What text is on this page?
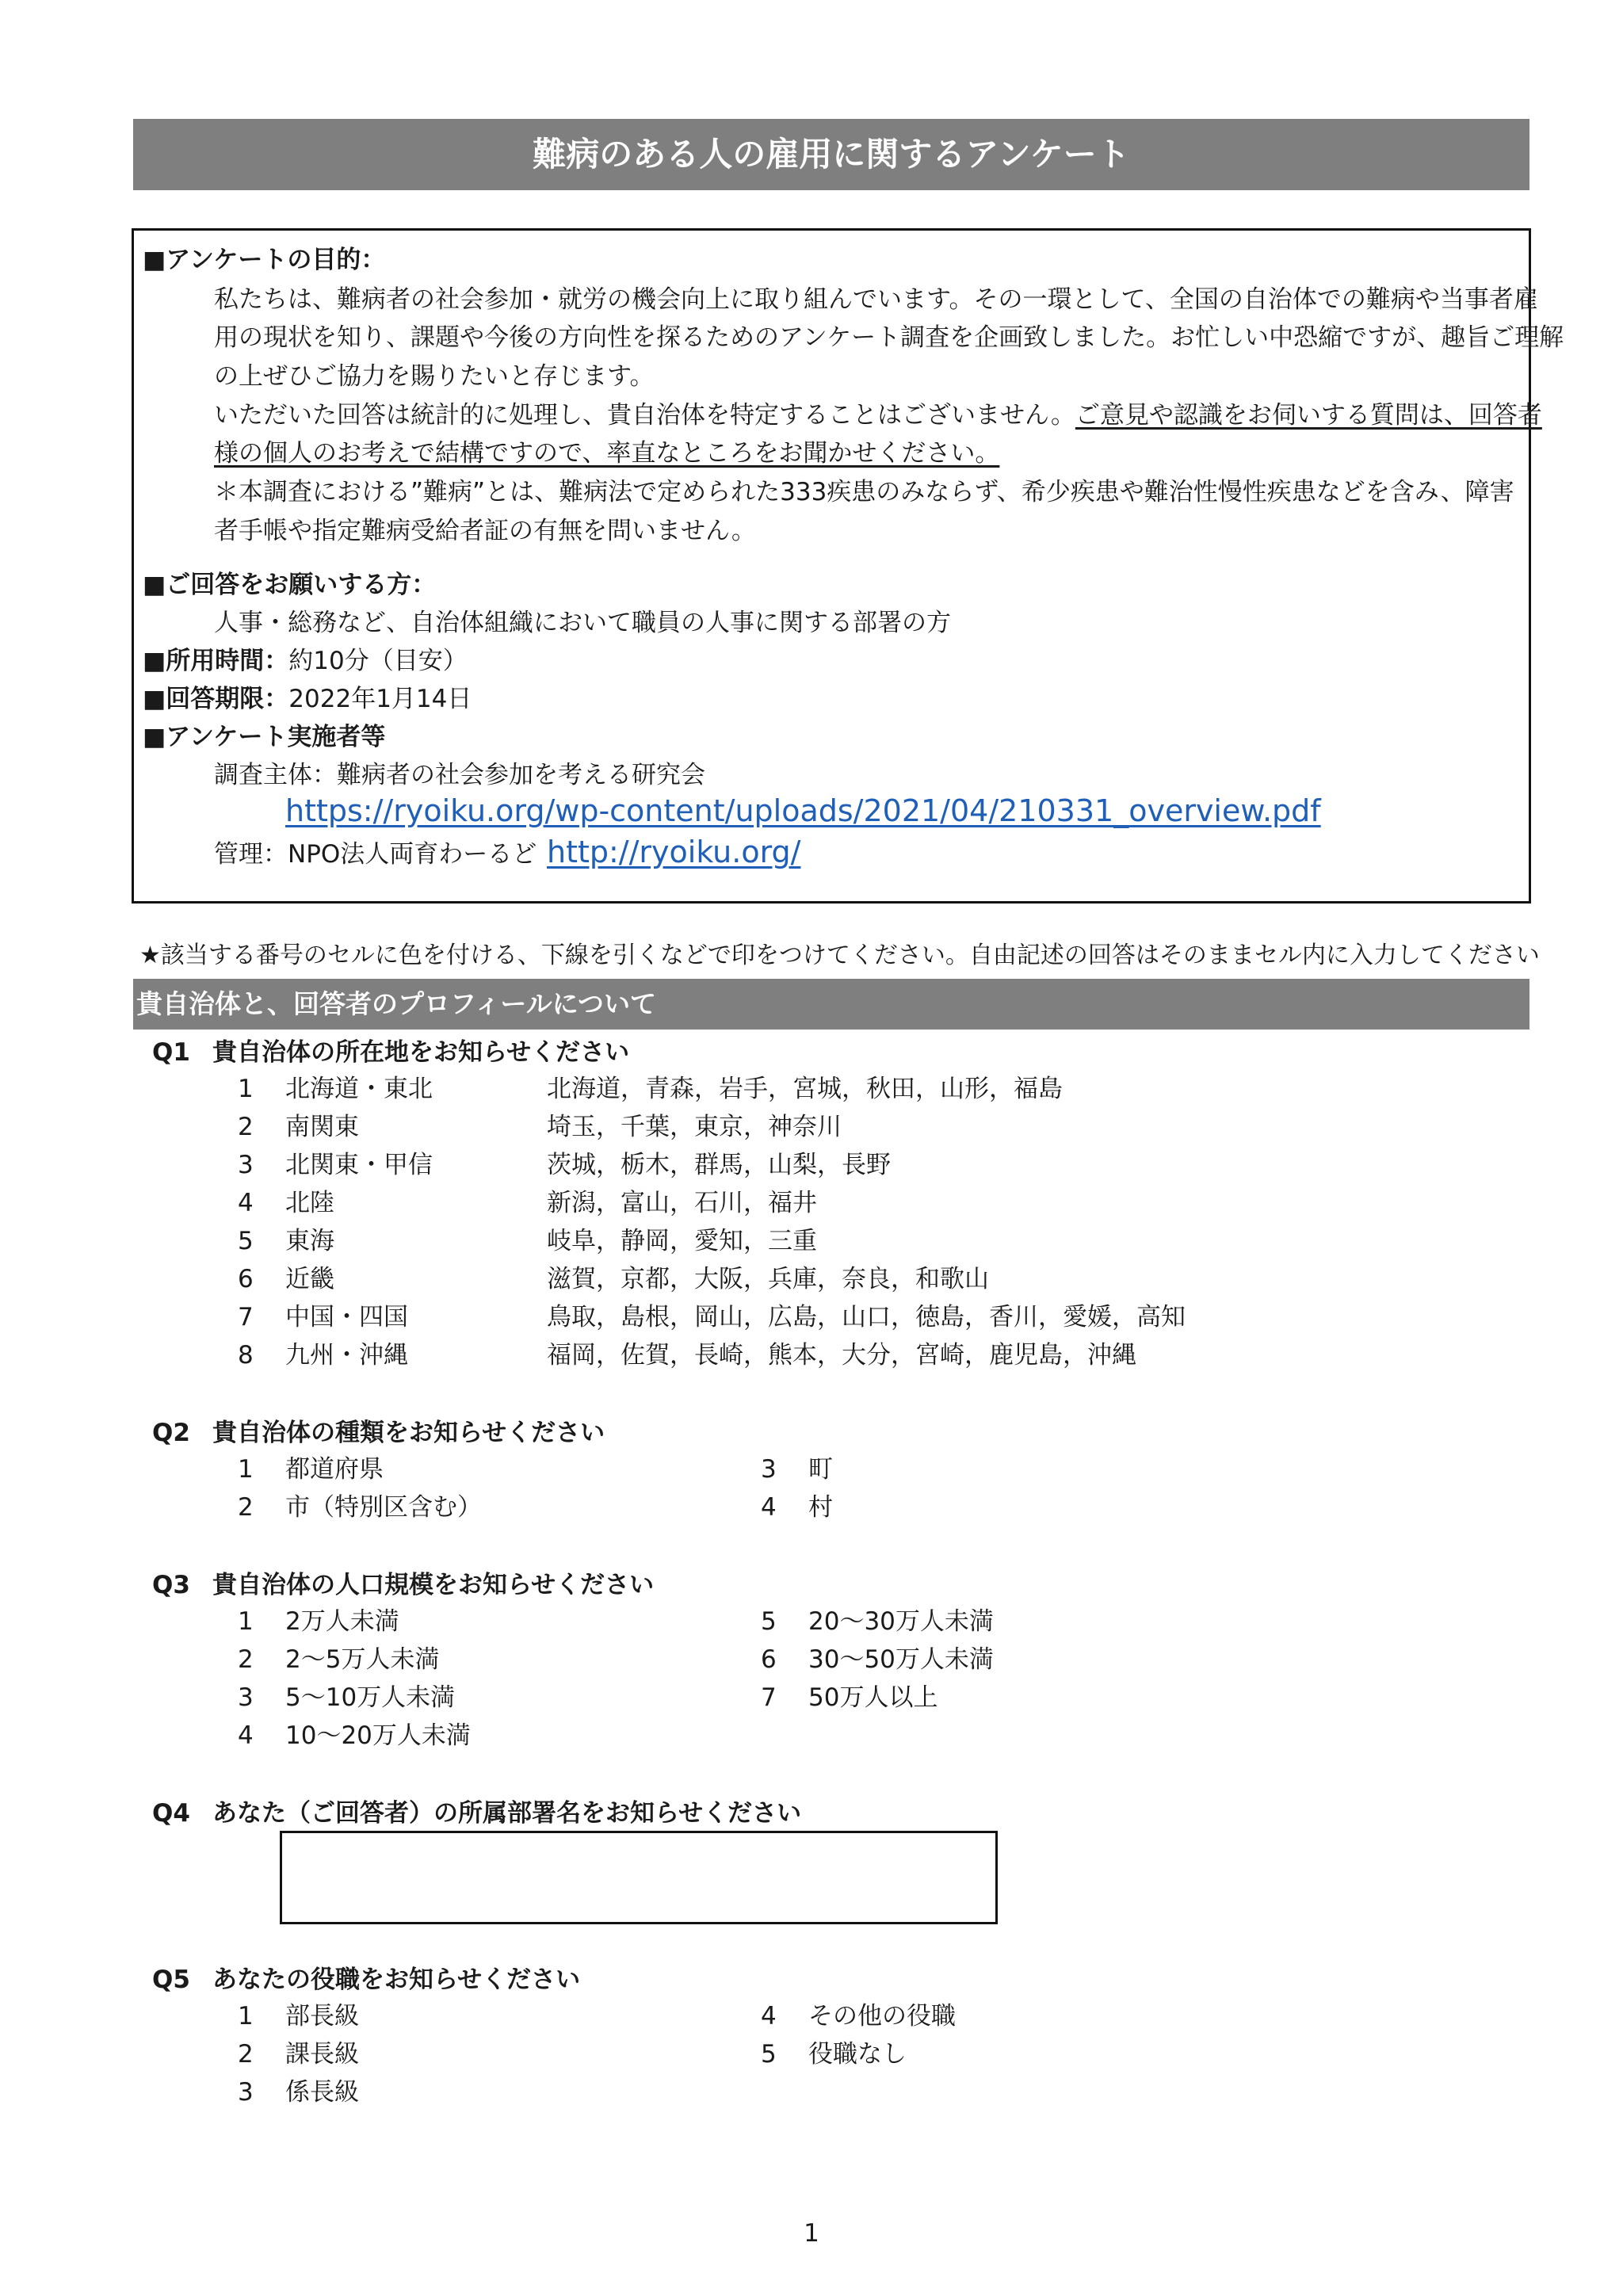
難病のある人の雇用に関するアンケート
■アンケートの目的：
私たちは、難病者の社会参加・就労の機会向上に取り組んでいます。その一環として、全国の自治体での難病や当事者雇
用の現状を知り、課題や今後の方向性を探るためのアンケート調査を企画致しました。お忙しい中恐縮ですが、趣旨ご理解
の上ぜひご協力を賜りたいと存じます。
いただいた回答は統計的に処理し、貴自治体を特定することはございません。ご意見や認識をお伺いする質問は、回答者
様の個人のお考えで結構ですので、率直なところをお聞かせください。
＊本調査における”難病”とは、難病法で定められた333疾患のみならず、希少疾患や難治性慢性疾患などを含み、障害
者手帳や指定難病受給者証の有無を問いません。
■ご回答をお願いする方：
人事・総務など、自治体組織において職員の人事に関する部署の方
■所用時間：約10分（目安）
■回答期限：2022年1月14日
■アンケート実施者等
調査主体：難病者の社会参加を考える研究会
https://ryoiku.org/wp-content/uploads/2021/04/210331_overview.pdf
管理：NPO法人両育わーるど http://ryoiku.org/
★該当する番号のセルに色を付ける、下線を引くなどで印をつけてください。自由記述の回答はそのままセル内に入力してください
貴自治体と、回答者のプロフィールについて
Q1 貴自治体の所在地をお知らせください
1 北海道・東北	北海道，青森，岩手，宮城，秋田，山形，福島
2 南関東	埼玉，千葉，東京，神奈川
3 北関東・甲信	茨城，栃木，群馬，山梨，長野
4 北陸	新潟，富山，石川，福井
5 東海	岐阜，静岡，愛知，三重
6 近畿	滋賀，京都，大阪，兵庫，奈良，和歌山
7 中国・四国	鳥取，島根，岡山，広島，山口，徳島，香川，愛媛，高知
8 九州・沖縄	福岡，佐賀，長崎，熊本，大分，宮崎，鹿児島，沖縄
Q2 貴自治体の種類をお知らせください
1 都道府県
2 市（特別区含む）
3 町
4 村
Q3 貴自治体の人口規模をお知らせください
1 2万人未満
2 2～5万人未満
3 5～10万人未満
4 10～20万人未満
5 20～30万人未満
6 30～50万人未満
7 50万人以上
Q4 あなた（ご回答者）の所属部署名をお知らせください
Q5 あなたの役職をお知らせください
1 部長級
2 課長級
3 係長級
4 その他の役職
5 役職なし
1
